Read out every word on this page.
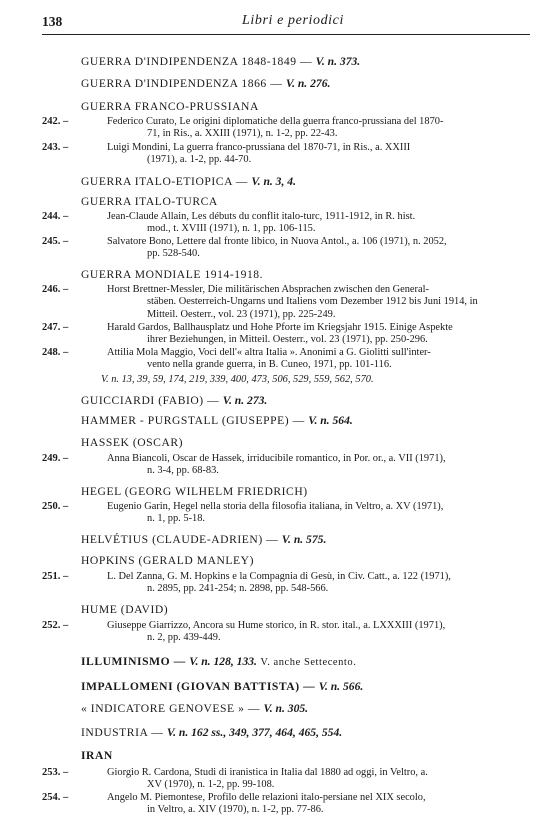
138	Libri e periodici
GUERRA D'INDIPENDENZA 1848-1849 — V. n. 373.
GUERRA D'INDIPENDENZA 1866 — V. n. 276.
GUERRA FRANCO-PRUSSIANA
242. –	Federico Curato, Le origini diplomatiche della guerra franco-prussiana del 1870-
71, in Ris., a. XXIII (1971), n. 1-2, pp. 22-43.
243. –	Luigi Mondini, La guerra franco-prussiana del 1870-71, in Ris., a. XXIII
(1971), a. 1-2, pp. 44-70.
GUERRA ITALO-ETIOPICA — V. n. 3, 4.
GUERRA ITALO-TURCA
244. –	Jean-Claude Allain, Les débuts du conflit italo-turc, 1911-1912, in R. hist.
mod., t. XVIII (1971), n. 1, pp. 106-115.
245. –	Salvatore Bono, Lettere dal fronte libico, in Nuova Antol., a. 106 (1971), n. 2052,
pp. 528-540.
GUERRA MONDIALE 1914-1918.
246. –	Horst Brettner-Messler, Die militärischen Absprachen zwischen den General-
stäben. Oesterreich-Ungarns und Italiens vom Dezember 1912 bis Juni 1914, in
Mitteil. Oesterr., vol. 23 (1971), pp. 225-249.
247. –	Harald Gardos, Ballhausplatz und Hohe Pforte im Kriegsjahr 1915. Einige Aspekte
ihrer Beziehungen, in Mitteil. Oesterr., vol. 23 (1971), pp. 250-296.
248. –	Attilia Mola Maggio, Voci dell'« altra Italia ». Anonimi a G. Giolitti sull'inter-
vento nella grande guerra, in B. Cuneo, 1971, pp. 101-116.
V. n. 13, 39, 59, 174, 219, 339, 400, 473, 506, 529, 559, 562, 570.
GUICCIARDI (FABIO) — V. n. 273.
HAMMER - PURGSTALL (GIUSEPPE) — V. n. 564.
HASSEK (OSCAR)
249. –	Anna Biancoli, Oscar de Hassek, irriducibile romantico, in Por. or., a. VII (1971),
n. 3-4, pp. 68-83.
HEGEL (GEORG WILHELM FRIEDRICH)
250. –	Eugenio Garin, Hegel nella storia della filosofia italiana, in Veltro, a. XV (1971),
n. 1, pp. 5-18.
HELVÉTIUS (CLAUDE-ADRIEN) — V. n. 575.
HOPKINS (GERALD MANLEY)
251. –	L. Del Zanna, G. M. Hopkins e la Compagnia di Gesù, in Civ. Catt., a. 122 (1971),
n. 2895, pp. 241-254; n. 2898, pp. 548-566.
HUME (DAVID)
252. –	Giuseppe Giarrizzo, Ancora su Hume storico, in R. stor. ital., a. LXXXIII (1971),
n. 2, pp. 439-449.
ILLUMINISMO — V. n. 128, 133. V. anche Settecento.
IMPALLOMENI (GIOVAN BATTISTA) — V. n. 566.
« INDICATORE GENOVESE » — V. n. 305.
INDUSTRIA — V. n. 162 ss., 349, 377, 464, 465, 554.
IRAN
253. –	Giorgio R. Cardona, Studi di iranistica in Italia dal 1880 ad oggi, in Veltro, a.
XV (1970), n. 1-2, pp. 99-108.
254. –	Angelo M. Piemontese, Profilo delle relazioni italo-persiane nel XIX secolo,
in Veltro, a. XIV (1970), n. 1-2, pp. 77-86.
